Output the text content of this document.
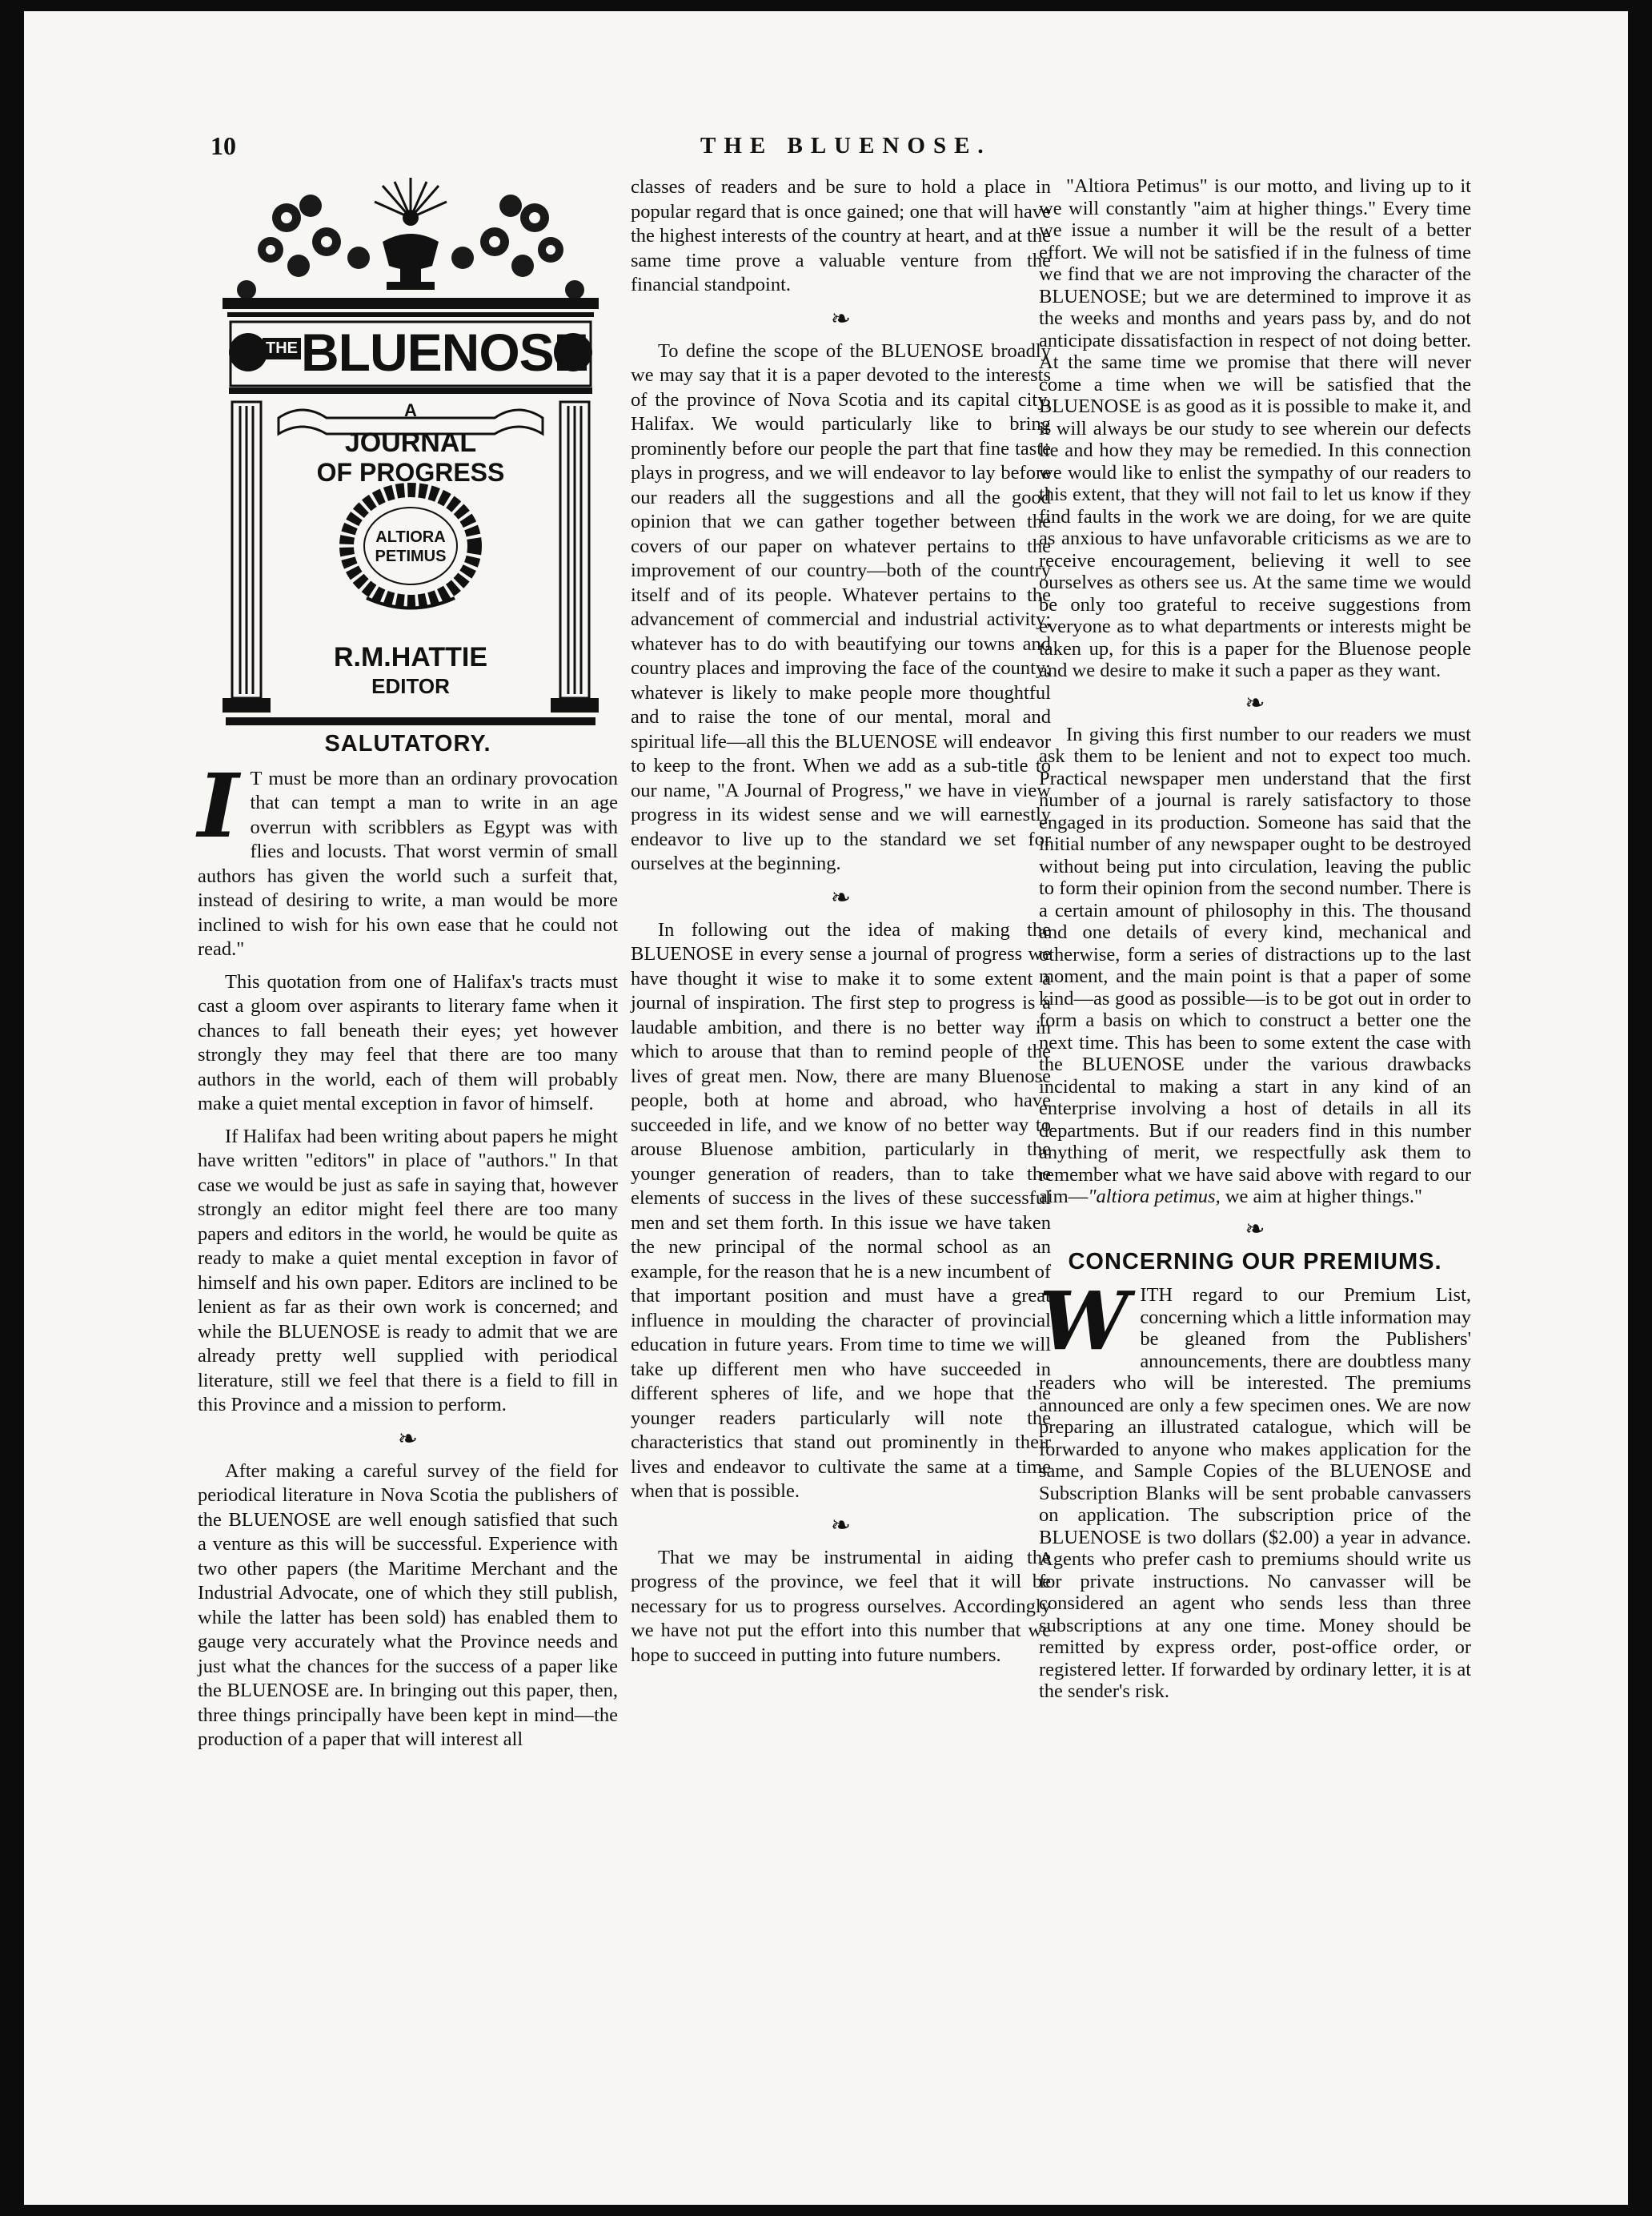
10	THE BLUENOSE.
THE BLUENOSE
A
JOURNAL
OF PROGRESS
ALTIORA
PETIMUS
R.M.HATTIE
EDITOR
SALUTATORY.

I T must be more than an ordinary provocation that can tempt a man to write in an age overrun with scribblers as Egypt was with flies and locusts. That worst vermin of small authors has given the world such a surfeit that, instead of desiring to write, a man would be more inclined to wish for his own ease that he could not read."

This quotation from one of Halifax's tracts must cast a gloom over aspirants to literary fame when it chances to fall beneath their eyes; yet however strongly they may feel that there are too many authors in the world, each of them will probably make a quiet mental exception in favor of himself.

If Halifax had been writing about papers he might have written "editors" in place of "authors." In that case we would be just as safe in saying that, however strongly an editor might feel there are too many papers and editors in the world, he would be quite as ready to make a quiet mental exception in favor of himself and his own paper. Editors are inclined to be lenient as far as their own work is concerned; and while the BLUENOSE is ready to admit that we are already pretty well supplied with periodical literature, still we feel that there is a field to fill in this Province and a mission to perform.

❧

After making a careful survey of the field for periodical literature in Nova Scotia the publishers of the BLUENOSE are well enough satisfied that such a venture as this will be successful. Experience with two other papers (the Maritime Merchant and the Industrial Advocate, one of which they still publish, while the latter has been sold) has enabled them to gauge very accurately what the Province needs and just what the chances for the success of a paper like the BLUENOSE are. In bringing out this paper, then, three things principally have been kept in mind—the production of a paper that will interest all

classes of readers and be sure to hold a place in popular regard that is once gained; one that will have the highest interests of the country at heart, and at the same time prove a valuable venture from the financial standpoint.

❧

To define the scope of the BLUENOSE broadly we may say that it is a paper devoted to the interests of the province of Nova Scotia and its capital city, Halifax. We would particularly like to bring prominently before our people the part that fine taste plays in progress, and we will endeavor to lay before our readers all the suggestions and all the good opinion that we can gather together between the covers of our paper on whatever pertains to the improvement of our country—both of the country itself and of its people. Whatever pertains to the advancement of commercial and industrial activity; whatever has to do with beautifying our towns and country places and improving the face of the county; whatever is likely to make people more thoughtful and to raise the tone of our mental, moral and spiritual life—all this the BLUENOSE will endeavor to keep to the front. When we add as a sub-title to our name, "A Journal of Progress," we have in view progress in its widest sense and we will earnestly endeavor to live up to the standard we set for ourselves at the beginning.

❧

In following out the idea of making the BLUENOSE in every sense a journal of progress we have thought it wise to make it to some extent a journal of inspiration. The first step to progress is a laudable ambition, and there is no better way in which to arouse that than to remind people of the lives of great men. Now, there are many Bluenose people, both at home and abroad, who have succeeded in life, and we know of no better way to arouse Bluenose ambition, particularly in the younger generation of readers, than to take the elements of success in the lives of these successful men and set them forth. In this issue we have taken the new principal of the normal school as an example, for the reason that he is a new incumbent of that important position and must have a great influence in moulding the character of provincial education in future years. From time to time we will take up different men who have succeeded in different spheres of life, and we hope that the younger readers particularly will note the characteristics that stand out prominently in their lives and endeavor to cultivate the same at a time when that is possible.

❧

That we may be instrumental in aiding the progress of the province, we feel that it will be necessary for us to progress ourselves. Accordingly we have not put the effort into this number that we hope to succeed in putting into future numbers.

"Altiora Petimus" is our motto, and living up to it we will constantly "aim at higher things." Every time we issue a number it will be the result of a better effort. We will not be satisfied if in the fulness of time we find that we are not improving the character of the BLUENOSE; but we are determined to improve it as the weeks and months and years pass by, and do not anticipate dissatisfaction in respect of not doing better. At the same time we promise that there will never come a time when we will be satisfied that the BLUENOSE is as good as it is possible to make it, and it will always be our study to see wherein our defects lie and how they may be remedied. In this connection we would like to enlist the sympathy of our readers to this extent, that they will not fail to let us know if they find faults in the work we are doing, for we are quite as anxious to have unfavorable criticisms as we are to receive encouragement, believing it well to see ourselves as others see us. At the same time we would be only too grateful to receive suggestions from everyone as to what departments or interests might be taken up, for this is a paper for the Bluenose people and we desire to make it such a paper as they want.

❧

In giving this first number to our readers we must ask them to be lenient and not to expect too much. Practical newspaper men understand that the first number of a journal is rarely satisfactory to those engaged in its production. Someone has said that the initial number of any newspaper ought to be destroyed without being put into circulation, leaving the public to form their opinion from the second number. There is a certain amount of philosophy in this. The thousand and one details of every kind, mechanical and otherwise, form a series of distractions up to the last moment, and the main point is that a paper of some kind—as good as possible—is to be got out in order to form a basis on which to construct a better one the next time. This has been to some extent the case with the BLUENOSE under the various drawbacks incidental to making a start in any kind of an enterprise involving a host of details in all its departments. But if our readers find in this number anything of merit, we respectfully ask them to remember what we have said above with regard to our aim—"altiora petimus, we aim at higher things."

❧
CONCERNING OUR PREMIUMS.

WITH regard to our Premium List, concerning which a little information may be gleaned from the Publishers' announcements, there are doubtless many readers who will be interested. The premiums announced are only a few specimen ones. We are now preparing an illustrated catalogue, which will be forwarded to anyone who makes application for the same, and Sample Copies of the BLUENOSE and Subscription Blanks will be sent probable canvassers on application. The subscription price of the BLUENOSE is two dollars ($2.00) a year in advance. Agents who prefer cash to premiums should write us for private instructions. No canvasser will be considered an agent who sends less than three subscriptions at any one time. Money should be remitted by express order, post-office order, or registered letter. If forwarded by ordinary letter, it is at the sender's risk.
